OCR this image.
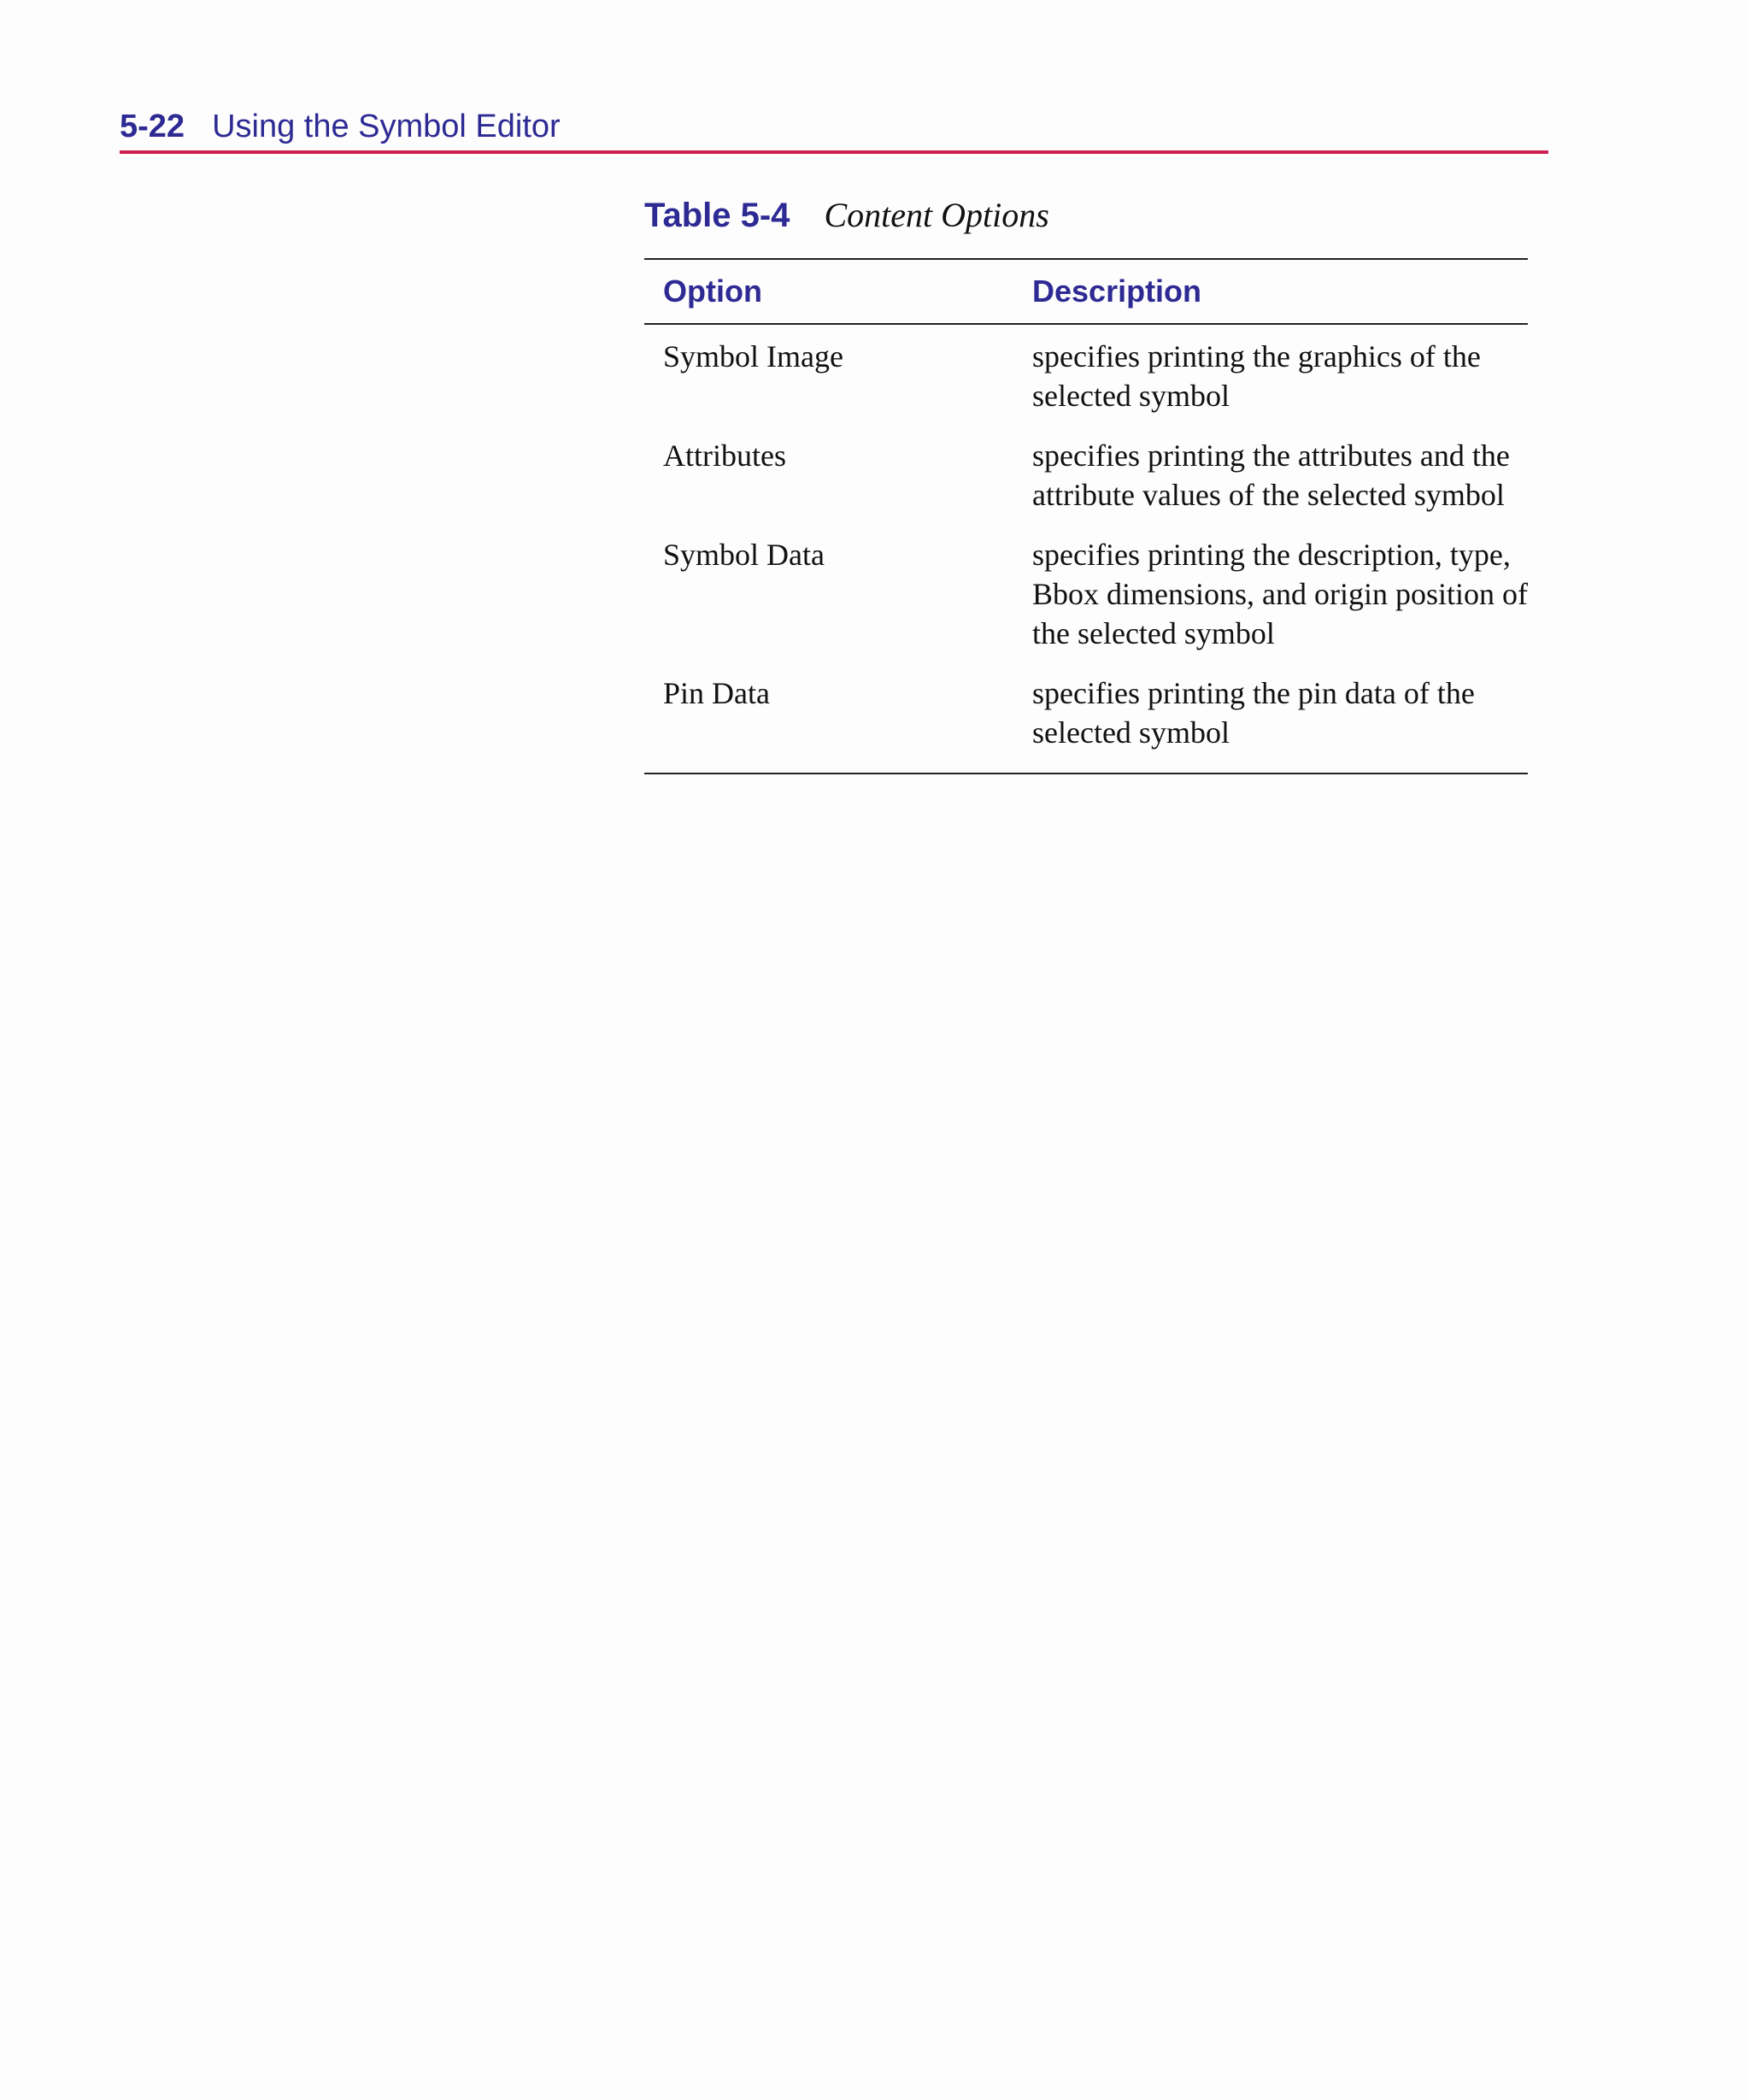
5-22 Using the Symbol Editor
Table 5-4 Content Options
Option	Description
Symbol Image	specifies printing the graphics of the selected symbol
Attributes	specifies printing the attributes and the attribute values of the selected symbol
Symbol Data	specifies printing the description, type, Bbox dimensions, and origin position of the selected symbol
Pin Data	specifies printing the pin data of the selected symbol
